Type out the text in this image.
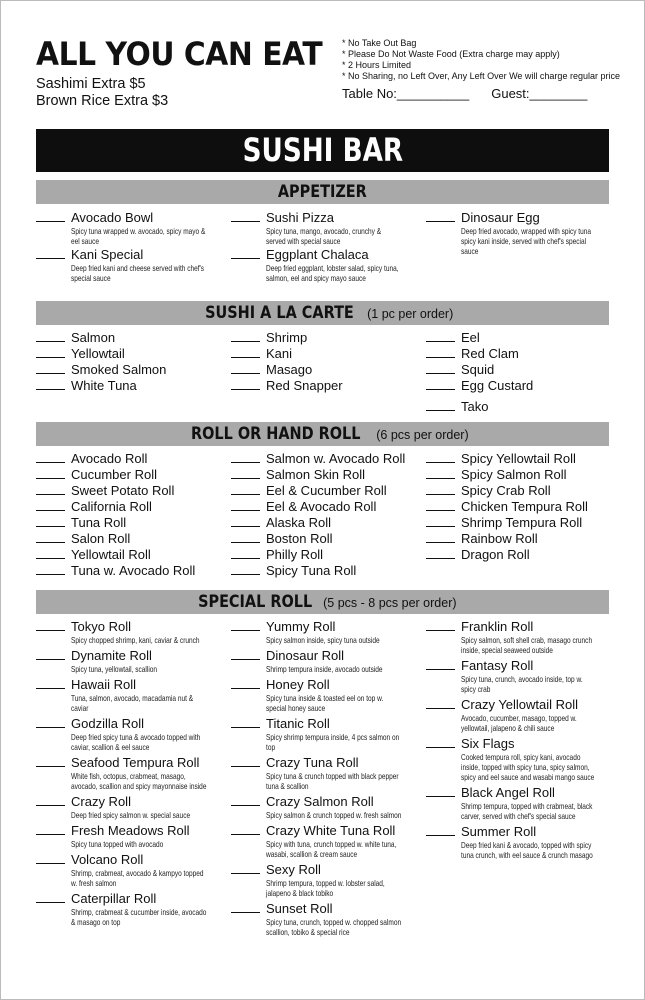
ALL YOU CAN EAT
Sashimi Extra $5
Brown Rice Extra $3
* No Take Out Bag
* Please Do Not Waste Food (Extra charge may apply)
* 2 Hours Limited
* No Sharing, no Left Over, Any Left Over We will charge regular price
Table No:__________ Guest:________
SUSHI BAR
APPETIZER
Avocado Bowl
Spicy tuna wrapped w. avocado, spicy mayo & eel sauce
Kani Special
Deep fried kani and cheese served with chef's special sauce
Sushi Pizza
Spicy tuna, mango, avocado, crunchy & served with special sauce
Eggplant Chalaca
Deep fried eggplant, lobster salad, spicy tuna, salmon, eel and spicy mayo sauce
Dinosaur Egg
Deep fried avocado, wrapped with spicy tuna spicy kani inside, served with chef's special sauce
SUSHI A LA CARTE (1 pc per order)
Salmon
Yellowtail
Smoked Salmon
White Tuna
Shrimp
Kani
Masago
Red Snapper
Eel
Red Clam
Squid
Egg Custard
Tako
ROLL OR HAND ROLL (6 pcs per order)
Avocado Roll
Cucumber Roll
Sweet Potato Roll
California Roll
Tuna Roll
Salon Roll
Yellowtail Roll
Tuna w. Avocado Roll
Salmon w. Avocado Roll
Salmon Skin Roll
Eel & Cucumber Roll
Eel & Avocado Roll
Alaska Roll
Boston Roll
Philly Roll
Spicy Tuna Roll
Spicy Yellowtail Roll
Spicy Salmon Roll
Spicy Crab Roll
Chicken Tempura Roll
Shrimp Tempura Roll
Rainbow Roll
Dragon Roll
SPECIAL ROLL (5 pcs - 8 pcs per order)
Tokyo Roll
Spicy chopped shrimp, kani, caviar & crunch
Dynamite Roll
Spicy tuna, yellowtail, scallion
Hawaii Roll
Tuna, salmon, avocado, macadamia nut & caviar
Godzilla Roll
Deep fried spicy tuna & avocado topped with caviar, scallion & eel sauce
Seafood Tempura Roll
White fish, octopus, crabmeat, masago, avocado, scallion and spicy mayonnaise inside
Crazy Roll
Deep fried spicy salmon w. special sauce
Fresh Meadows Roll
Spicy tuna topped with avocado
Volcano Roll
Shrimp, crabmeat, avocado & kampyo topped w. fresh salmon
Caterpillar Roll
Shrimp, crabmeat & cucumber inside, avocado & masago on top
Yummy Roll
Spicy salmon inside, spicy tuna outside
Dinosaur Roll
Shrimp tempura inside, avocado outside
Honey Roll
Spicy tuna inside & toasted eel on top w. special honey sauce
Titanic Roll
Spicy shrimp tempura inside, 4 pcs salmon on top
Crazy Tuna Roll
Spicy tuna & crunch topped with black pepper tuna & scallion
Crazy Salmon Roll
Spicy salmon & crunch topped w. fresh salmon
Crazy White Tuna Roll
Spicy with tuna, crunch topped w. white tuna, wasabi, scallion & cream sauce
Sexy Roll
Shrimp tempura, topped w. lobster salad, jalapeno & black tobiko
Sunset Roll
Spicy tuna, crunch, topped w. chopped salmon scallion, tobiko & special rice
Franklin Roll
Spicy salmon, soft shell crab, masago crunch inside, special seaweed outside
Fantasy Roll
Spicy tuna, crunch, avocado inside, top w. spicy crab
Crazy Yellowtail Roll
Avocado, cucumber, masago, topped w. yellowtail, jalapeno & chili sauce
Six Flags
Cooked tempura roll, spicy kani, avocado inside, topped with spicy tuna, spicy salmon, spicy and eel sauce and wasabi mango sauce
Black Angel Roll
Shrimp tempura, topped with crabmeat, black carver, served with chef's special sauce
Summer Roll
Deep fried kani & avocado, topped with spicy tuna crunch, with eel sauce & crunch masago
